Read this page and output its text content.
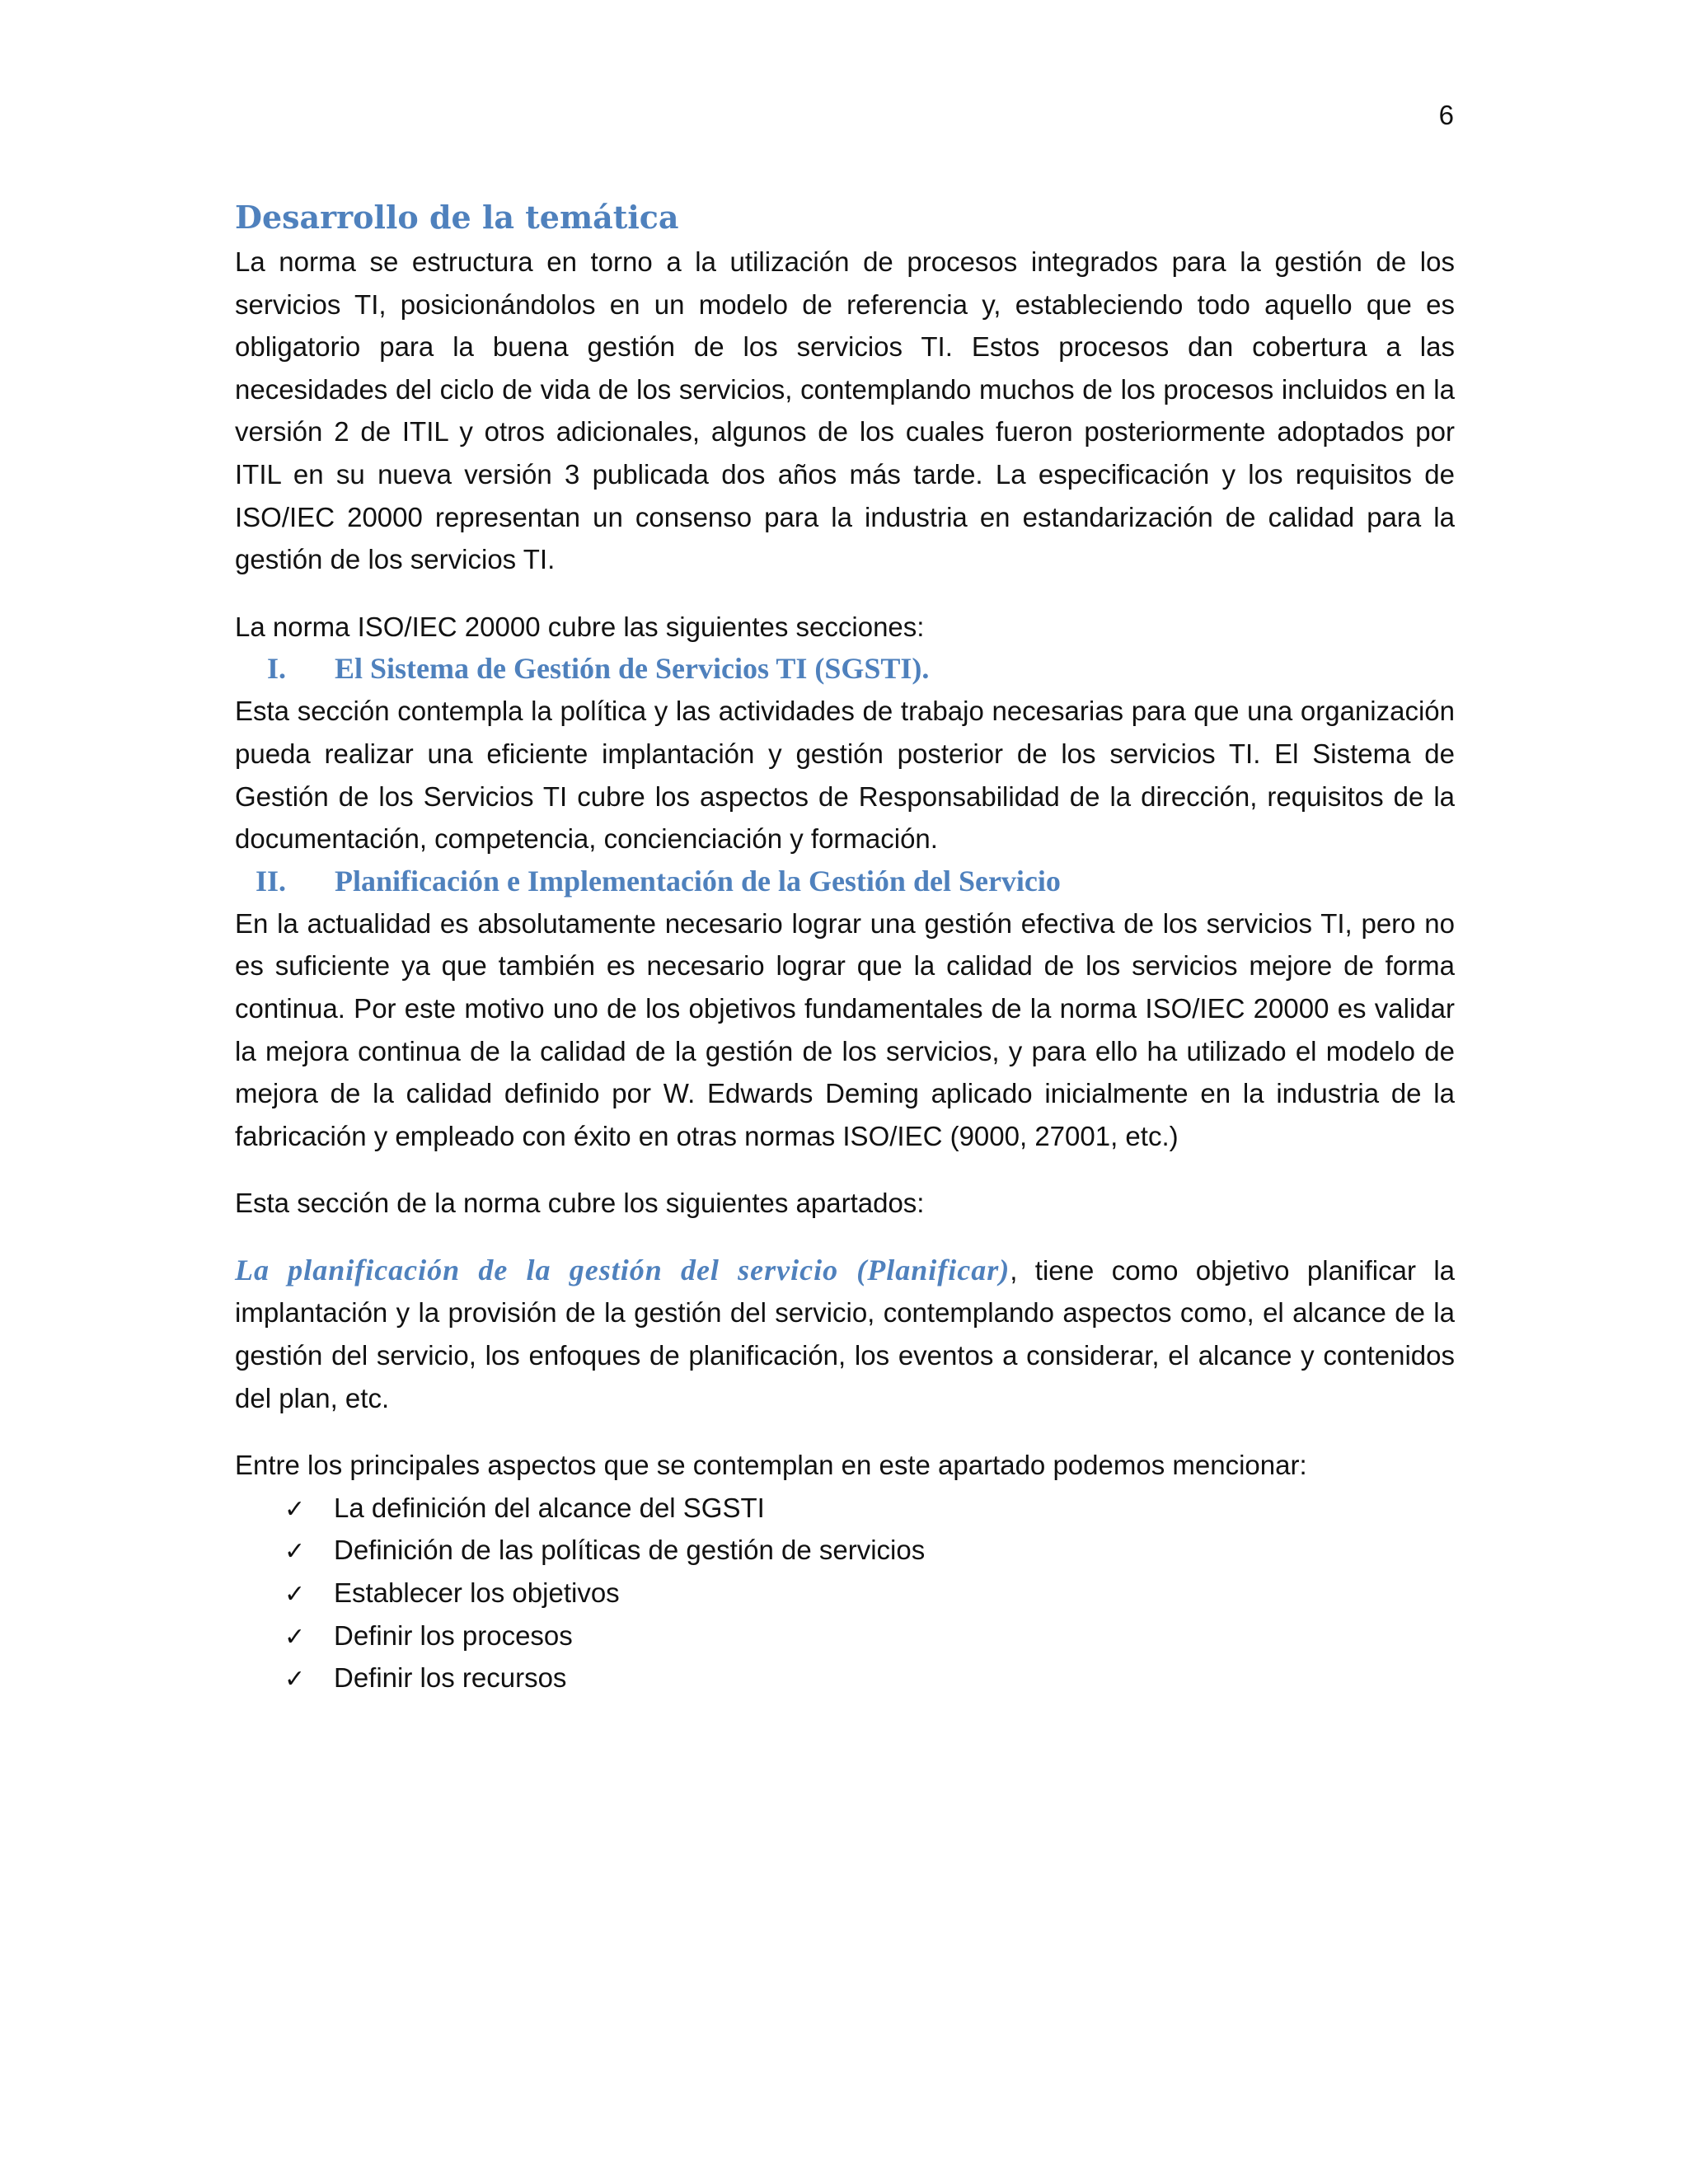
6
Desarrollo de la temática

La norma se estructura en torno a la utilización de procesos integrados para la gestión de los servicios TI, posicionándolos en un modelo de referencia y, estableciendo todo aquello que es obligatorio para la buena gestión de los servicios TI. Estos procesos dan cobertura a las necesidades del ciclo de vida de los servicios, contemplando muchos de los procesos incluidos en la versión 2 de ITIL y otros adicionales, algunos de los cuales fueron posteriormente adoptados por ITIL en su nueva versión 3 publicada dos años más tarde. La especificación y los requisitos de ISO/IEC 20000 representan un consenso para la industria en estandarización de calidad para la gestión de los servicios TI.

La norma ISO/IEC 20000 cubre las siguientes secciones:

I. El Sistema de Gestión de Servicios TI (SGSTI).

Esta sección contempla la política y las actividades de trabajo necesarias para que una organización pueda realizar una eficiente implantación y gestión posterior de los servicios TI. El Sistema de Gestión de los Servicios TI cubre los aspectos de Responsabilidad de la dirección, requisitos de la documentación, competencia, concienciación y formación.

II. Planificación e Implementación de la Gestión del Servicio

En la actualidad es absolutamente necesario lograr una gestión efectiva de los servicios TI, pero no es suficiente ya que también es necesario lograr que la calidad de los servicios mejore de forma continua. Por este motivo uno de los objetivos fundamentales de la norma ISO/IEC 20000 es validar la mejora continua de la calidad de la gestión de los servicios, y para ello ha utilizado el modelo de mejora de la calidad definido por W. Edwards Deming aplicado inicialmente en la industria de la fabricación y empleado con éxito en otras normas ISO/IEC (9000, 27001, etc.)

Esta sección de la norma cubre los siguientes apartados:

La planificación de la gestión del servicio (Planificar), tiene como objetivo planificar la implantación y la provisión de la gestión del servicio, contemplando aspectos como, el alcance de la gestión del servicio, los enfoques de planificación, los eventos a considerar, el alcance y contenidos del plan, etc.

Entre los principales aspectos que se contemplan en este apartado podemos mencionar:

✓ La definición del alcance del SGSTI
✓ Definición de las políticas de gestión de servicios
✓ Establecer los objetivos
✓ Definir los procesos
✓ Definir los recursos
